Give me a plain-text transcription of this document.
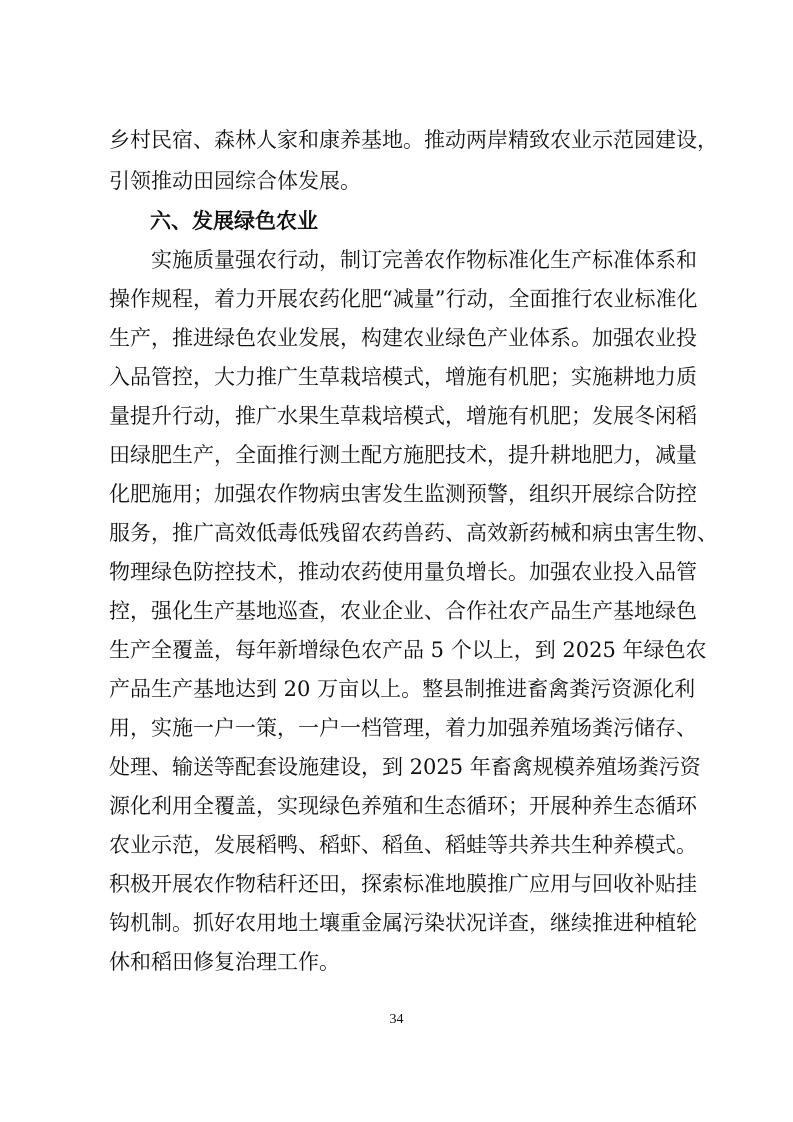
乡村民宿、森林人家和康养基地。推动两岸精致农业示范园建设，
引领推动田园综合体发展。
六、发展绿色农业
　　实施质量强农行动，制订完善农作物标准化生产标准体系和
操作规程，着力开展农药化肥“减量”行动，全面推行农业标准化
生产，推进绿色农业发展，构建农业绿色产业体系。加强农业投
入品管控，大力推广生草栽培模式，增施有机肥；实施耕地力质
量提升行动，推广水果生草栽培模式，增施有机肥；发展冬闲稻
田绿肥生产，全面推行测土配方施肥技术，提升耕地肥力，减量
化肥施用；加强农作物病虫害发生监测预警，组织开展综合防控
服务，推广高效低毒低残留农药兽药、高效新药械和病虫害生物、
物理绿色防控技术，推动农药使用量负增长。加强农业投入品管
控，强化生产基地巡查，农业企业、合作社农产品生产基地绿色
生产全覆盖，每年新增绿色农产品 5 个以上，到 2025 年绿色农
产品生产基地达到 20 万亩以上。整县制推进畜禽粪污资源化利
用，实施一户一策，一户一档管理，着力加强养殖场粪污储存、
处理、输送等配套设施建设，到 2025 年畜禽规模养殖场粪污资
源化利用全覆盖，实现绿色养殖和生态循环；开展种养生态循环
农业示范，发展稻鸭、稻虾、稻鱼、稻蛙等共养共生种养模式。
积极开展农作物秸秆还田，探索标准地膜推广应用与回收补贴挂
钩机制。抓好农用地土壤重金属污染状况详查，继续推进种植轮
休和稻田修复治理工作。
34
